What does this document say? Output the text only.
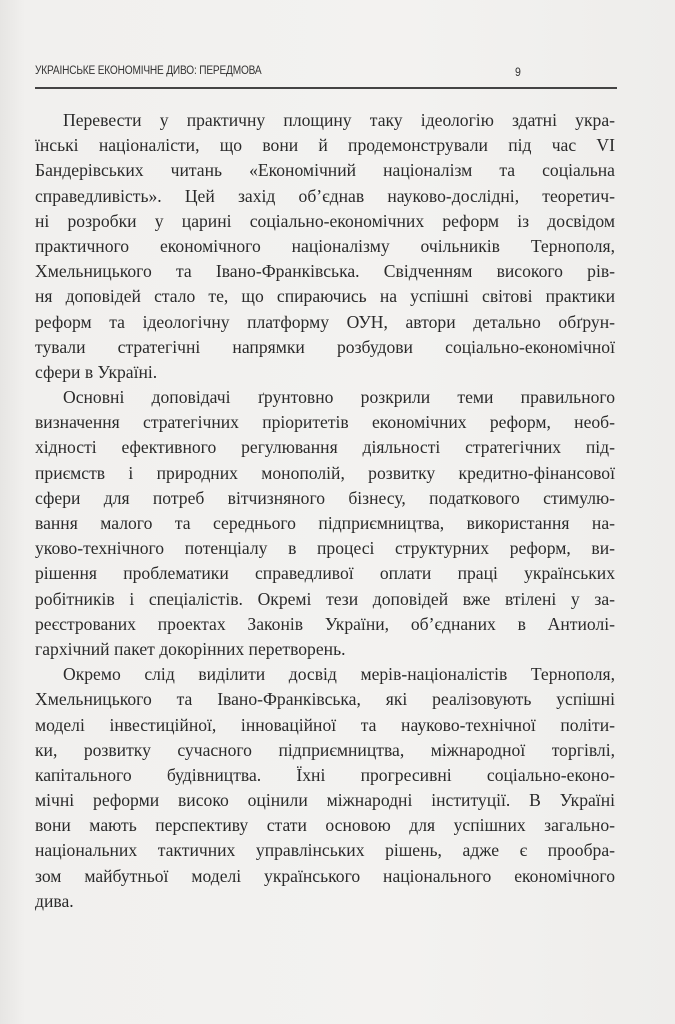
УКРАЇНСЬКЕ ЕКОНОМІЧНЕ ДИВО: ПЕРЕДМОВА	9
Перевести у практичну площину таку ідеологію здатні укра-
їнські націоналісти, що вони й продемонстрували під час VI
Бандерівських читань «Економічний націоналізм та соціальна
справедливість». Цей захід об’єднав науково-дослідні, теоретич-
ні розробки у царині соціально-економічних реформ із досвідом
практичного економічного націоналізму очільників Тернополя,
Хмельницького та Івано-Франківська. Свідченням високого рів-
ня доповідей стало те, що спираючись на успішні світові практики
реформ та ідеологічну платформу ОУН, автори детально обґрун-
тували стратегічні напрямки розбудови соціально-економічної
сфери в Україні.
Основні доповідачі ґрунтовно розкрили теми правильного
визначення стратегічних пріоритетів економічних реформ, необ-
хідності ефективного регулювання діяльності стратегічних під-
приємств і природних монополій, розвитку кредитно-фінансової
сфери для потреб вітчизняного бізнесу, податкового стимулю-
вання малого та середнього підприємництва, використання на-
уково-технічного потенціалу в процесі структурних реформ, ви-
рішення проблематики справедливої оплати праці українських
робітників і спеціалістів. Окремі тези доповідей вже втілені у за-
реєстрованих проектах Законів України, об’єднаних в Антиолі-
гархічний пакет докорінних перетворень.
Окремо слід виділити досвід мерів-націоналістів Тернополя,
Хмельницького та Івано-Франківська, які реалізовують успішні
моделі інвестиційної, інноваційної та науково-технічної політи-
ки, розвитку сучасного підприємництва, міжнародної торгівлі,
капітального будівництва. Їхні прогресивні соціально-еконо-
мічні реформи високо оцінили міжнародні інституції. В Україні
вони мають перспективу стати основою для успішних загально-
національних тактичних управлінських рішень, адже є прообра-
зом майбутньої моделі українського національного економічного
дива.
